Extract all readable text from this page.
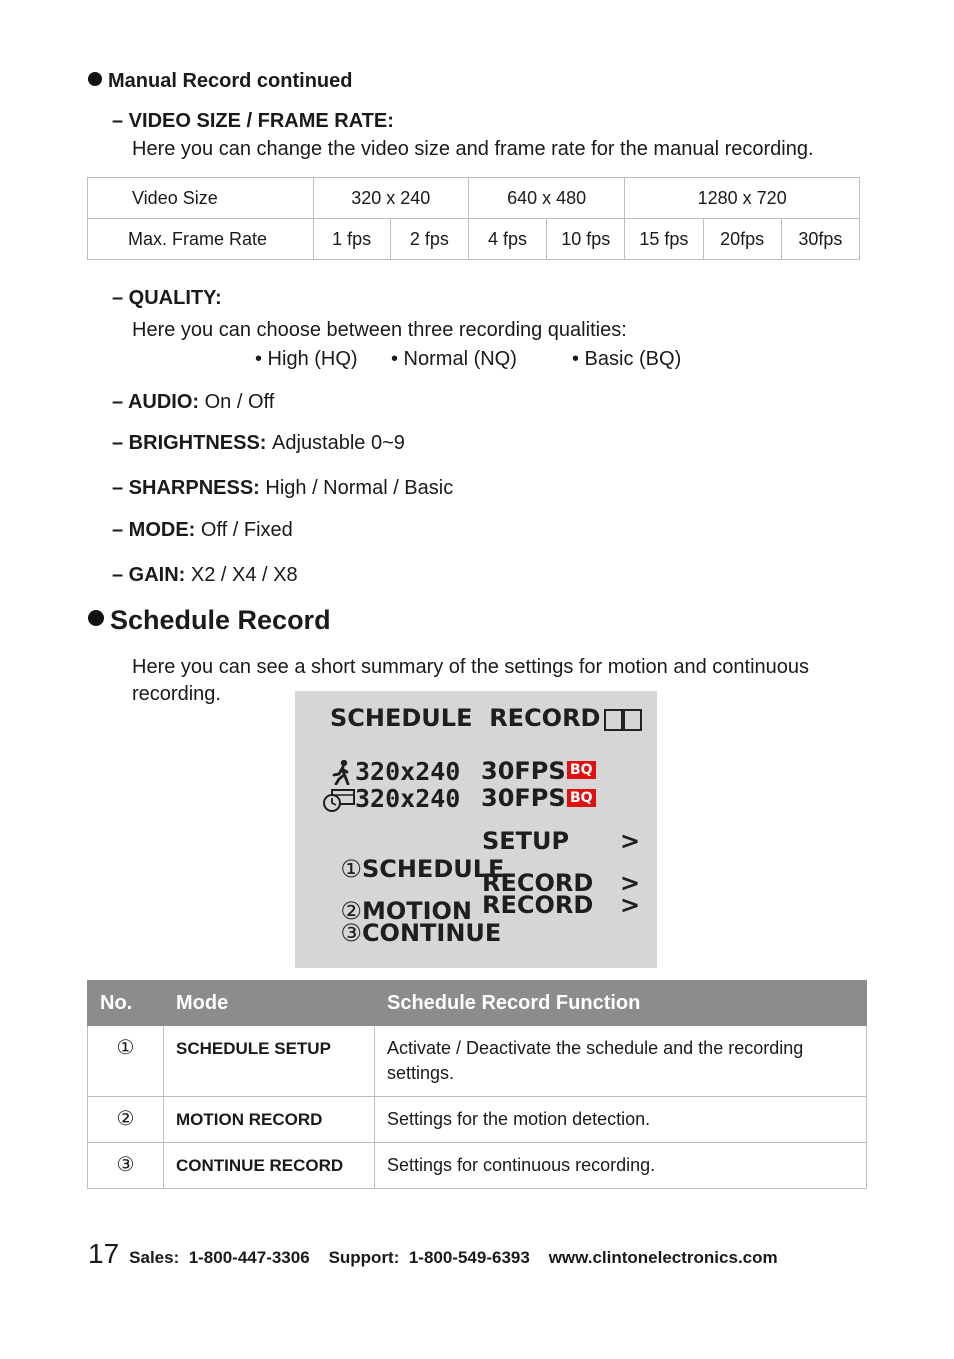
Manual Record continued
– VIDEO SIZE / FRAME RATE:
Here you can change the video size and frame rate for the manual recording.
Video Size	320 x 240		640 x 480		1280 x 720		
Max. Frame Rate	1 fps	2 fps	4 fps	10 fps	15 fps	20fps	30fps
– QUALITY:
Here you can choose between three recording qualities:
• High (HQ) • Normal (NQ)	• Basic (BQ)
– AUDIO: On / Off
– BRIGHTNESS: Adjustable 0~9
– SHARPNESS: High / Normal / Basic
– MODE: Off / Fixed
– GAIN: X2 / X4 / X8
Schedule Record
Here you can see a short summary of the settings for motion and continuous
recording.
SCHEDULE  RECORD
320x240 30FPS BQ
320x240 30FPS BQ

①SCHEDULE

SETUP >

②MOTION

RECORD >

③CONTINUE

RECORD >
No.	Mode	Schedule Record Function
①	SCHEDULE SETUP	Activate / Deactivate the schedule and the recording settings.
②	MOTION RECORD	Settings for the motion detection.
③	CONTINUE RECORD	Settings for continuous recording.
17 Sales:  1-800-447-3306    Support:  1-800-549-6393    www.clintonelectronics.com
